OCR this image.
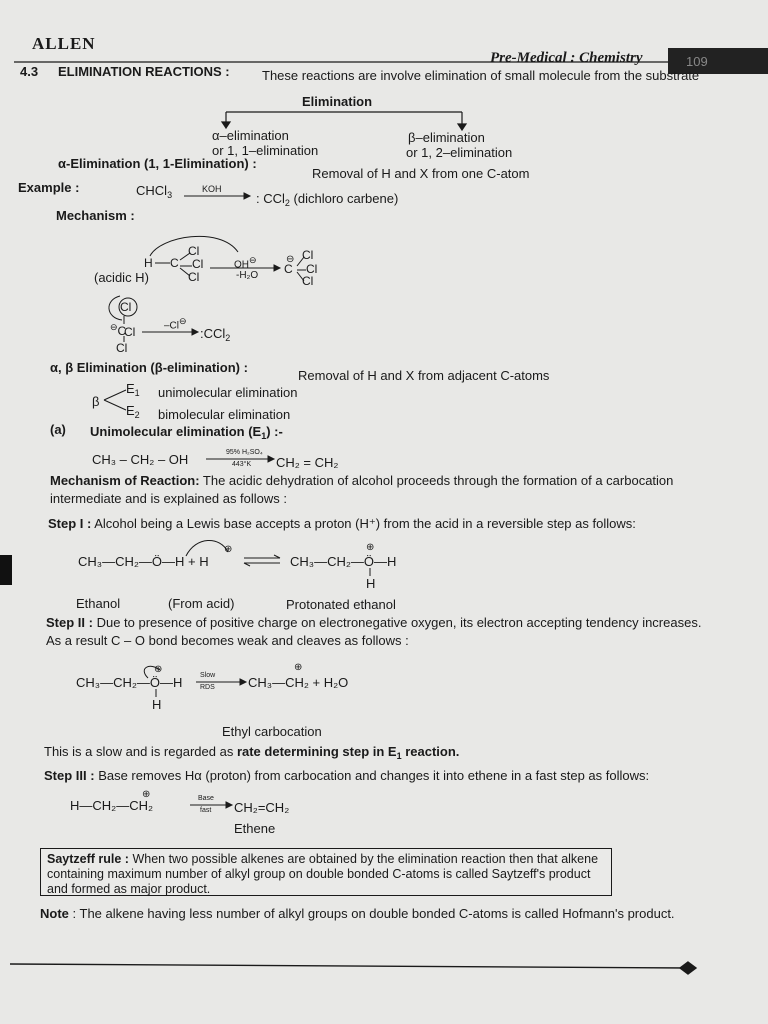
ALLEN
Pre-Medical : Chemistry	109
4.3 ELIMINATION REACTIONS : These reactions are involve elimination of small molecule from the substrate
Elimination
α–elimination
or 1, 1–elimination
β–elimination
or 1, 2–elimination
α-Elimination (1, 1-Elimination) :
Removal of H and X from one C-atom
Example :	CHCl$_3$
KOH
: CCl$_2$ (dichloro carbene)
Mechanism :
Cl
H C Cl
Cl
(acidic H)
OH⊖
-H₂O
⊖
C
Cl
Cl
Cl
Cl
⊖C
Cl
Cl
–Cl⊖
:CCl$_2$
α, β Elimination (β-elimination) :
Removal of H and X from adjacent C-atoms
β
$E_1$ unimolecular elimination
$E_2$ bimolecular elimination
(a) Unimolecular elimination $(E_1)$ :-
CH₃ – CH₂ – OH	95% H₂SO₄
443°K CH₂ = CH₂
Mechanism of Reaction: The acidic dehydration of alcohol proceeds through the formation of a carbocation intermediate and is explained as follows :
Step I : Alcohol being a Lewis base accepts a proton (H⁺) from the acid in a reversible step as follows:
⊕
CH₃—CH₂—Ö—H + H
⊕
CH₃—CH₂—Ö—H
H
Ethanol	(From acid)	Protonated ethanol
Step II : Due to presence of positive charge on electronegative oxygen, its electron accepting tendency increases. As a result C – O bond becomes weak and cleaves as follows :
⊕
CH₃—CH₂—Ö—H
H
Slow
RDS
⊕
CH₃—CH₂ + H₂O
Ethyl carbocation
This is a slow and is regarded as rate determining step in $E_1$ reaction.
Step III : Base removes Hα (proton) from carbocation and changes it into ethene in a fast step as follows:
⊕
H—CH₂—CH₂	Base
fast CH₂=CH₂
Ethene
Saytzeff rule : When two possible alkenes are obtained by the elimination reaction then that alkene containing maximum number of alkyl group on double bonded C-atoms is called Saytzeff's product and formed as major product.
Note : The alkene having less number of alkyl groups on double bonded C-atoms is called Hofmann's product.
